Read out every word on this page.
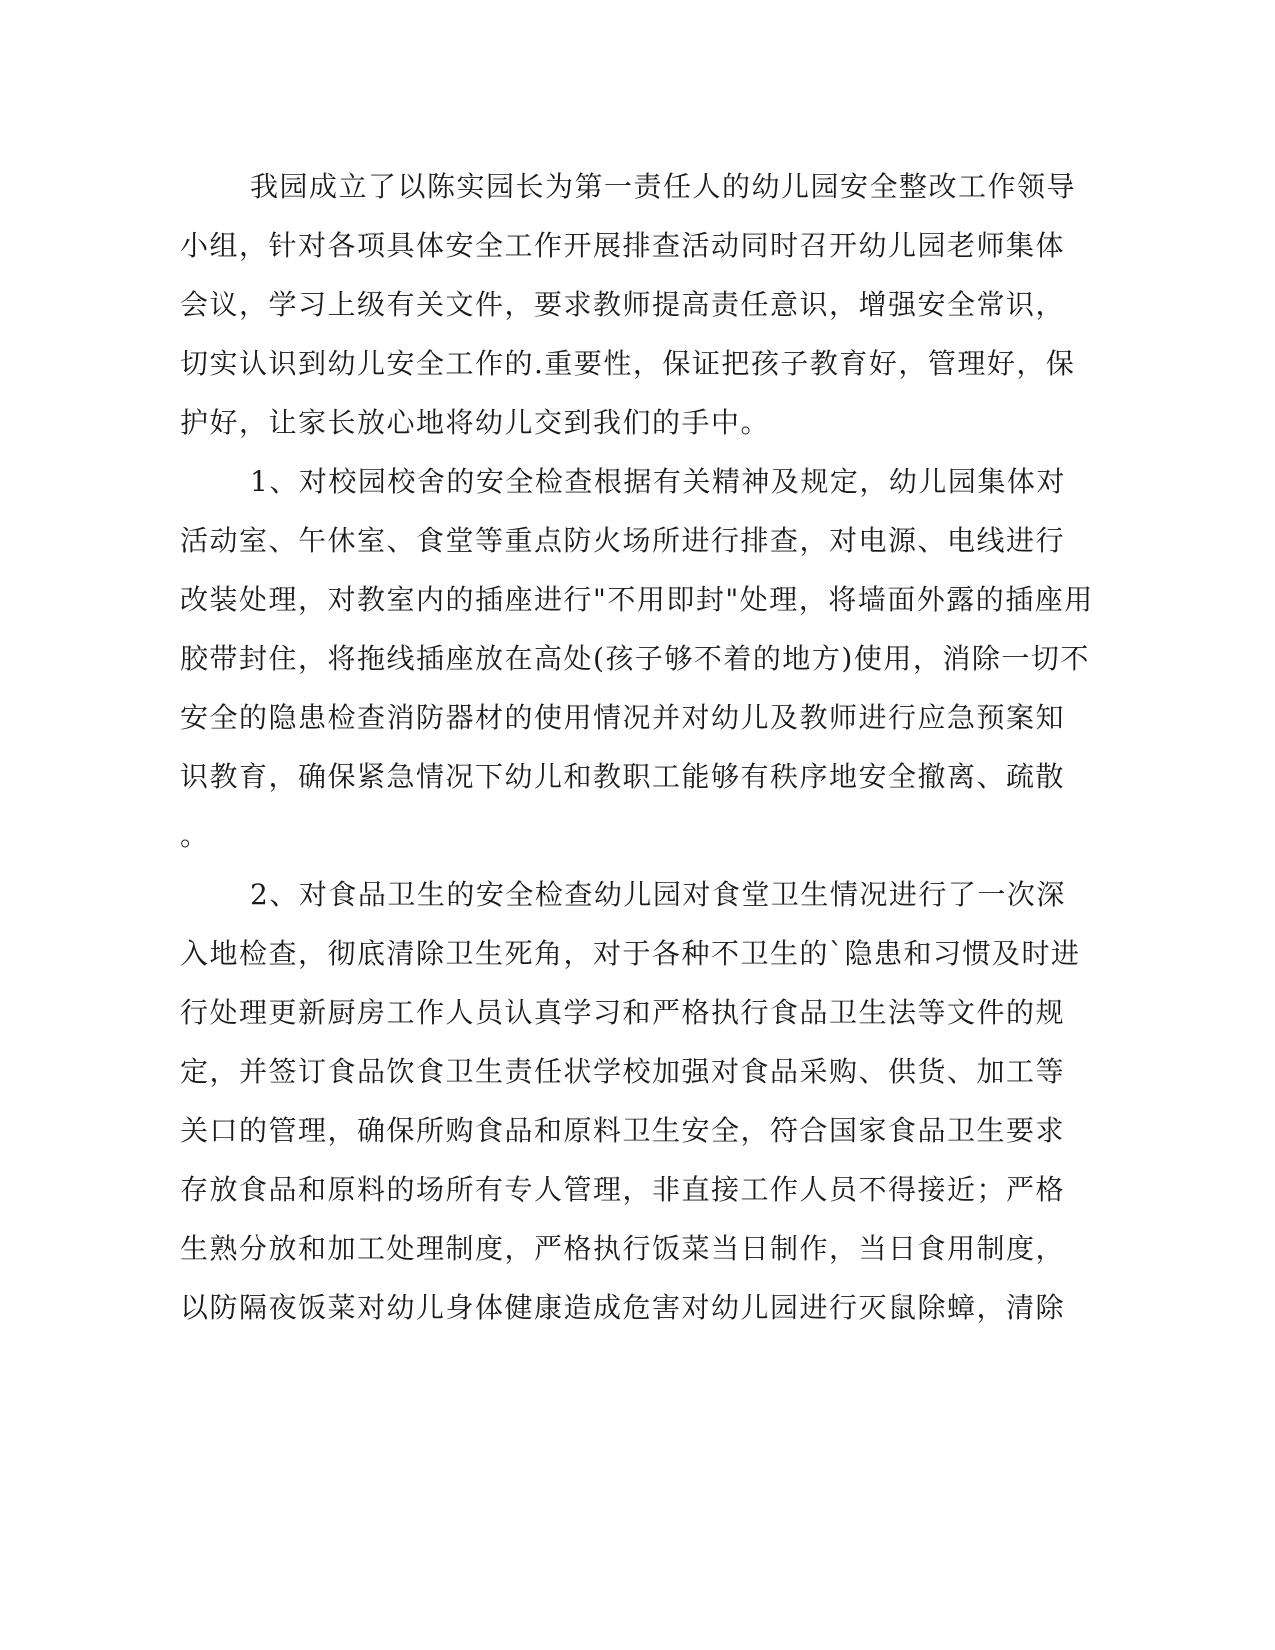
我园成立了以陈实园长为第一责任人的幼儿园安全整改工作领导
小组，针对各项具体安全工作开展排查活动同时召开幼儿园老师集体
会议，学习上级有关文件，要求教师提高责任意识，增强安全常识，
切实认识到幼儿安全工作的.重要性，保证把孩子教育好，管理好，保
护好，让家长放心地将幼儿交到我们的手中。
1、对校园校舍的安全检查根据有关精神及规定，幼儿园集体对
活动室、午休室、食堂等重点防火场所进行排查，对电源、电线进行
改装处理，对教室内的插座进行"不用即封"处理，将墙面外露的插座用
胶带封住，将拖线插座放在高处(孩子够不着的地方)使用，消除一切不
安全的隐患检查消防器材的使用情况并对幼儿及教师进行应急预案知
识教育，确保紧急情况下幼儿和教职工能够有秩序地安全撤离、疏散
。
2、对食品卫生的安全检查幼儿园对食堂卫生情况进行了一次深
入地检查，彻底清除卫生死角，对于各种不卫生的`隐患和习惯及时进
行处理更新厨房工作人员认真学习和严格执行食品卫生法等文件的规
定，并签订食品饮食卫生责任状学校加强对食品采购、供货、加工等
关口的管理，确保所购食品和原料卫生安全，符合国家食品卫生要求
存放食品和原料的场所有专人管理，非直接工作人员不得接近；严格
生熟分放和加工处理制度，严格执行饭菜当日制作，当日食用制度，
以防隔夜饭菜对幼儿身体健康造成危害对幼儿园进行灭鼠除蟑，清除
